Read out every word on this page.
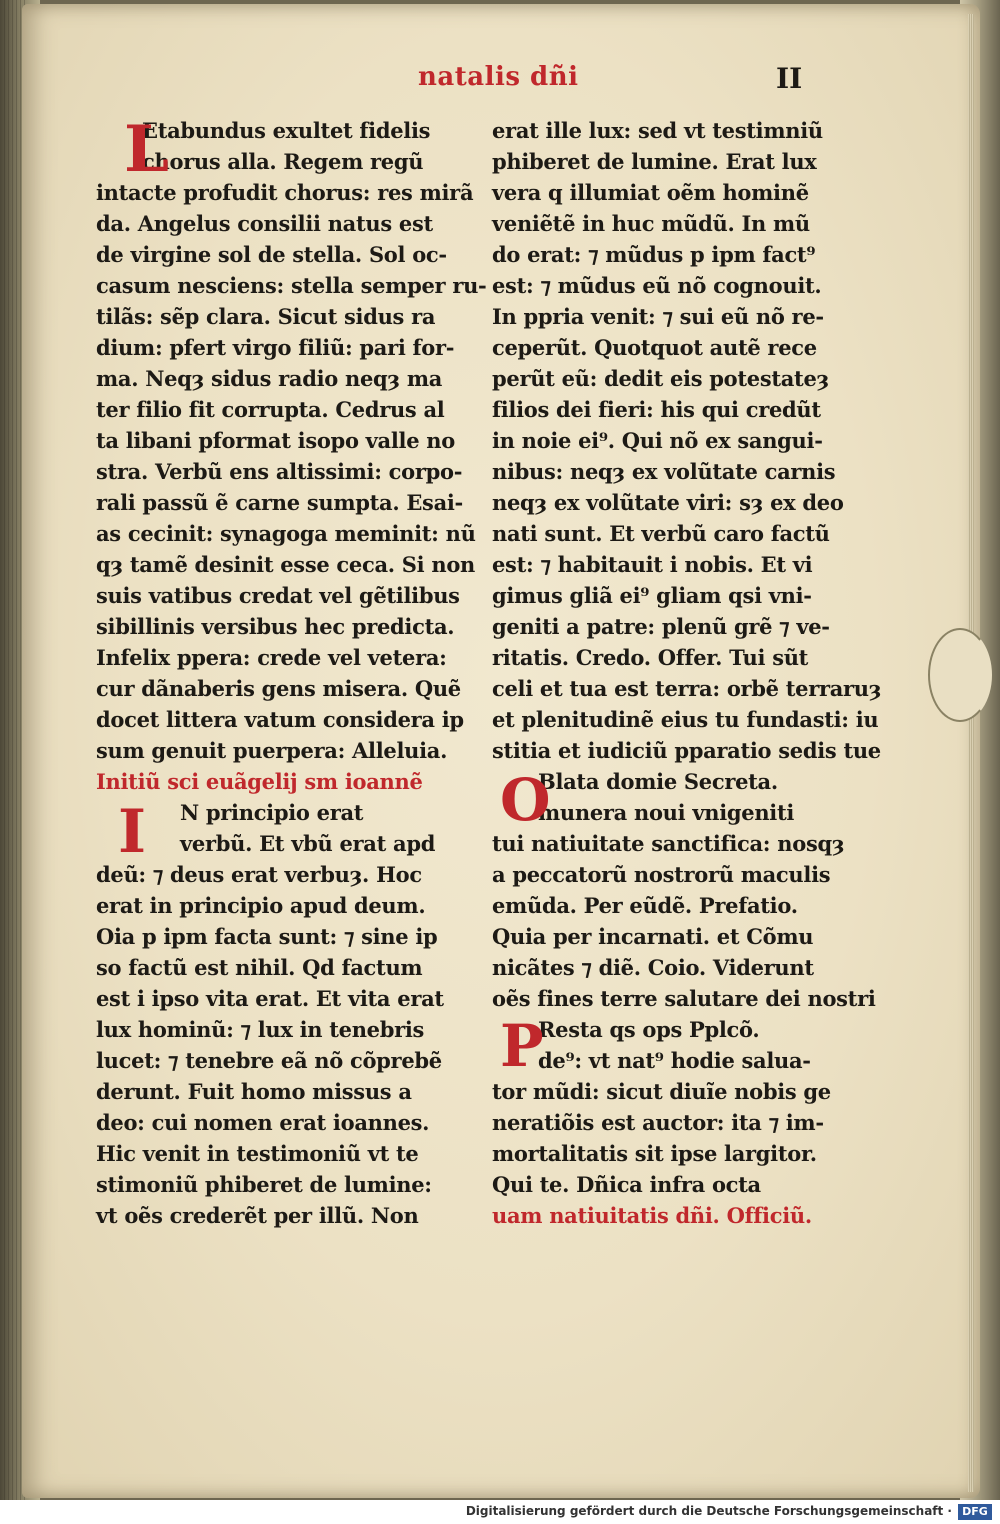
natalis dñi	II
L
I
Etabundus exultet fidelis
chorus alla. Regem regũ
intacte profudit chorus: res mirã
da. Angelus consilii natus est
de virgine sol de stella. Sol oc-
casum nesciens: stella semper ru-
tilãs: sẽp clara. Sicut sidus ra
dium: pfert virgo filiũ: pari for-
ma. Neqȝ sidus radio neqȝ ma
ter filio fit corrupta. Cedrus al
ta libani pformat isopo valle no
stra. Verbũ ens altissimi: corpo-
rali passũ ẽ carne sumpta. Esai-
as cecinit: synagoga meminit: nũ
qȝ tamẽ desinit esse ceca. Si non
suis vatibus credat vel gẽtilibus
sibillinis versibus hec predicta.
Infelix ppera: crede vel vetera:
cur dãnaberis gens misera. Quẽ
docet littera vatum considera ip
sum genuit puerpera: Alleluia.
Initiũ sci euãgelij sm ioannẽ
N principio erat
verbũ. Et vbũ erat apd
deũ: ⁊ deus erat verbuȝ. Hoc
erat in principio apud deum.
Oia p ipm facta sunt: ⁊ sine ip
so factũ est nihil. Qd factum
est i ipso vita erat. Et vita erat
lux hominũ: ⁊ lux in tenebris
lucet: ⁊ tenebre eã nõ cõprebẽ
derunt. Fuit homo missus a
deo: cui nomen erat ioannes.
Hic venit in testimoniũ vt te
stimoniũ phiberet de lumine:
vt oẽs crederẽt per illũ. Non
O
P
erat ille lux: sed vt testimniũ
phiberet de lumine. Erat lux
vera q illumiat oẽm hominẽ
veniẽtẽ in huc mũdũ. In mũ
do erat: ⁊ mũdus p ipm fact⁹
est: ⁊ mũdus eũ nõ cognouit.
In ppria venit: ⁊ sui eũ nõ re-
ceperũt. Quotquot autẽ rece
perũt eũ: dedit eis potestateȝ
filios dei fieri: his qui credũt
in noie ei⁹. Qui nõ ex sangui-
nibus: neqȝ ex volũtate carnis
neqȝ ex volũtate viri: sȝ ex deo
nati sunt. Et verbũ caro factũ
est: ⁊ habitauit i nobis. Et vi
gimus gliã ei⁹ gliam qsi vni-
geniti a patre: plenũ grẽ ⁊ ve-
ritatis. Credo. Offer. Tui sũt
celi et tua est terra: orbẽ terraruȝ
et plenitudinẽ eius tu fundasti: iu
stitia et iudiciũ pparatio sedis tue
Blata domie Secreta.
munera noui vnigeniti
tui natiuitate sanctifica: nosqȝ
a peccatorũ nostrorũ maculis
emũda. Per eũdẽ. Prefatio.
Quia per incarnati. et Cõmu
nicãtes ⁊ diẽ. Coio. Viderunt
oẽs fines terre salutare dei nostri
Resta qs ops Pplcõ.
de⁹: vt nat⁹ hodie salua-
tor mũdi: sicut diuĩe nobis ge
neratiõis est auctor: ita ⁊ im-
mortalitatis sit ipse largitor.
Qui te. Dñica infra octa
uam natiuitatis dñi. Officiũ.
Digitalisierung gefördert durch die Deutsche Forschungsgemeinschaft · DFG
